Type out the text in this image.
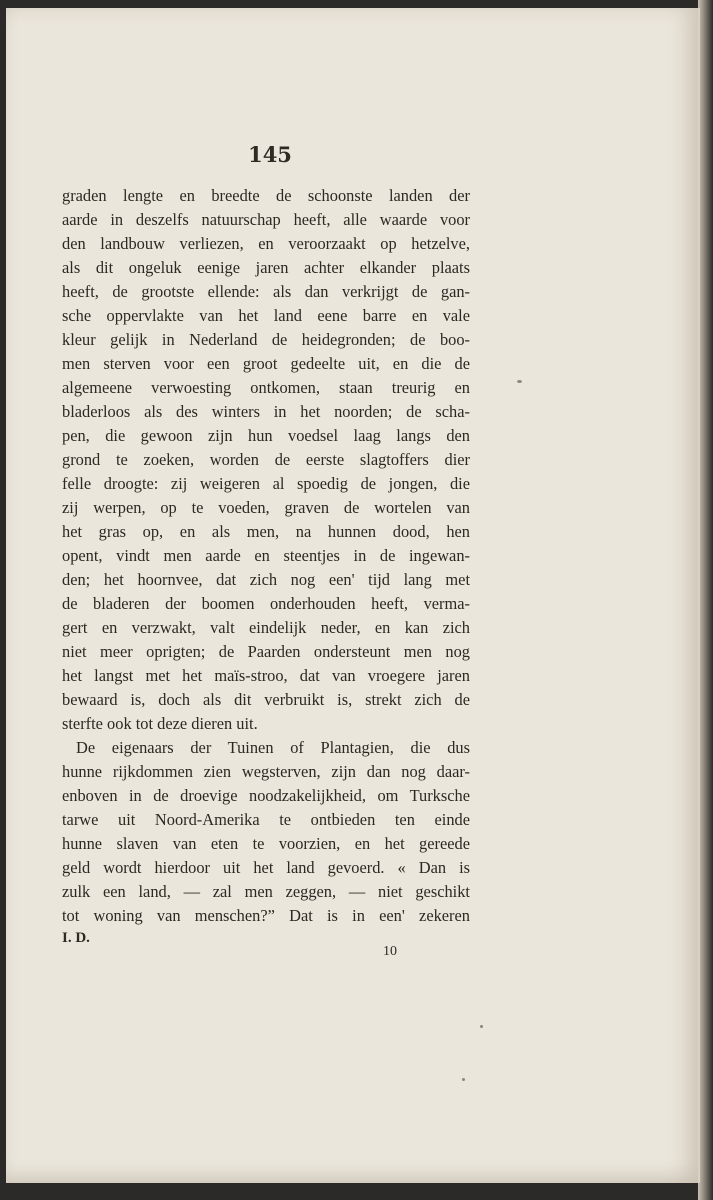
145
graden lengte en breedte de schoonste landen der
aarde in deszelfs natuurschap heeft, alle waarde voor
den landbouw verliezen, en veroorzaakt op hetzelve,
als dit ongeluk eenige jaren achter elkander plaats
heeft, de grootste ellende: als dan verkrijgt de gan-
sche oppervlakte van het land eene barre en vale
kleur gelijk in Nederland de heidegronden; de boo-
men sterven voor een groot gedeelte uit, en die de
algemeene verwoesting ontkomen, staan treurig en
bladerloos als des winters in het noorden; de scha-
pen, die gewoon zijn hun voedsel laag langs den
grond te zoeken, worden de eerste slagtoffers dier
felle droogte: zij weigeren al spoedig de jongen, die
zij werpen, op te voeden, graven de wortelen van
het gras op, en als men, na hunnen dood, hen
opent, vindt men aarde en steentjes in de ingewan-
den; het hoornvee, dat zich nog een' tijd lang met
de bladeren der boomen onderhouden heeft, verma-
gert en verzwakt, valt eindelijk neder, en kan zich
niet meer oprigten; de Paarden ondersteunt men nog
het langst met het maïs-stroo, dat van vroegere jaren
bewaard is, doch als dit verbruikt is, strekt zich de
sterfte ook tot deze dieren uit.
De eigenaars der Tuinen of Plantagien, die dus
hunne rijkdommen zien wegsterven, zijn dan nog daar-
enboven in de droevige noodzakelijkheid, om Turksche
tarwe uit Noord-Amerika te ontbieden ten einde
hunne slaven van eten te voorzien, en het gereede
geld wordt hierdoor uit het land gevoerd. « Dan is
zulk een land, — zal men zeggen, — niet geschikt
tot woning van menschen?” Dat is in een' zekeren
I. D.
10
